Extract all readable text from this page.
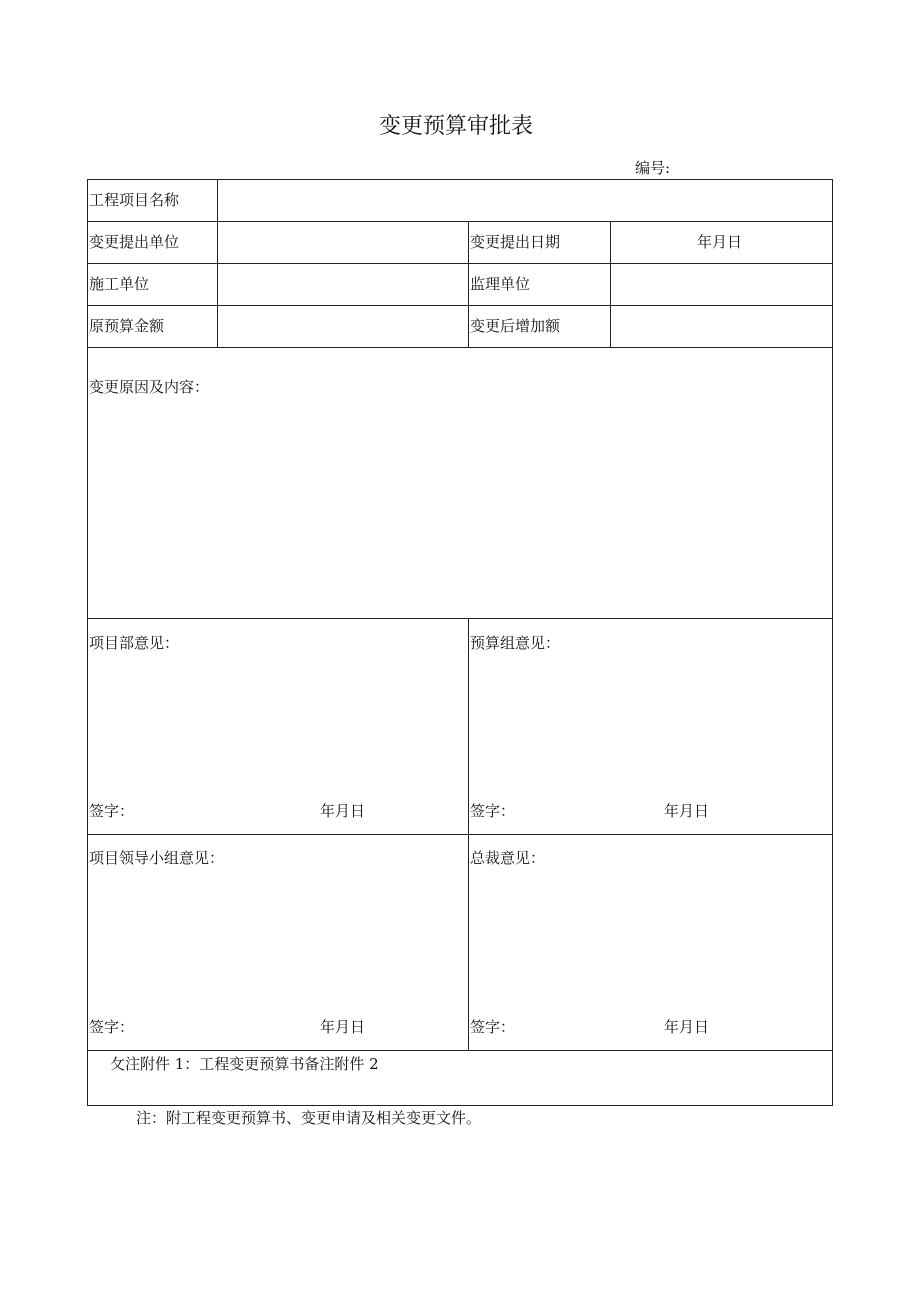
变更预算审批表
编号:
工程项目名称
变更提出单位	变更提出日期	年月日
施工单位	监理单位
原预算金额	变更后增加额
变更原因及内容：
项目部意见：	预算组意见：
签字：	年月日	签字：	年月日
项目领导小组意见：	总裁意见：
签字：	年月日	签字：	年月日
攵注附件 1：工程变更预算书备注附件 2
注：附工程变更预算书、变更申请及相关变更文件。
